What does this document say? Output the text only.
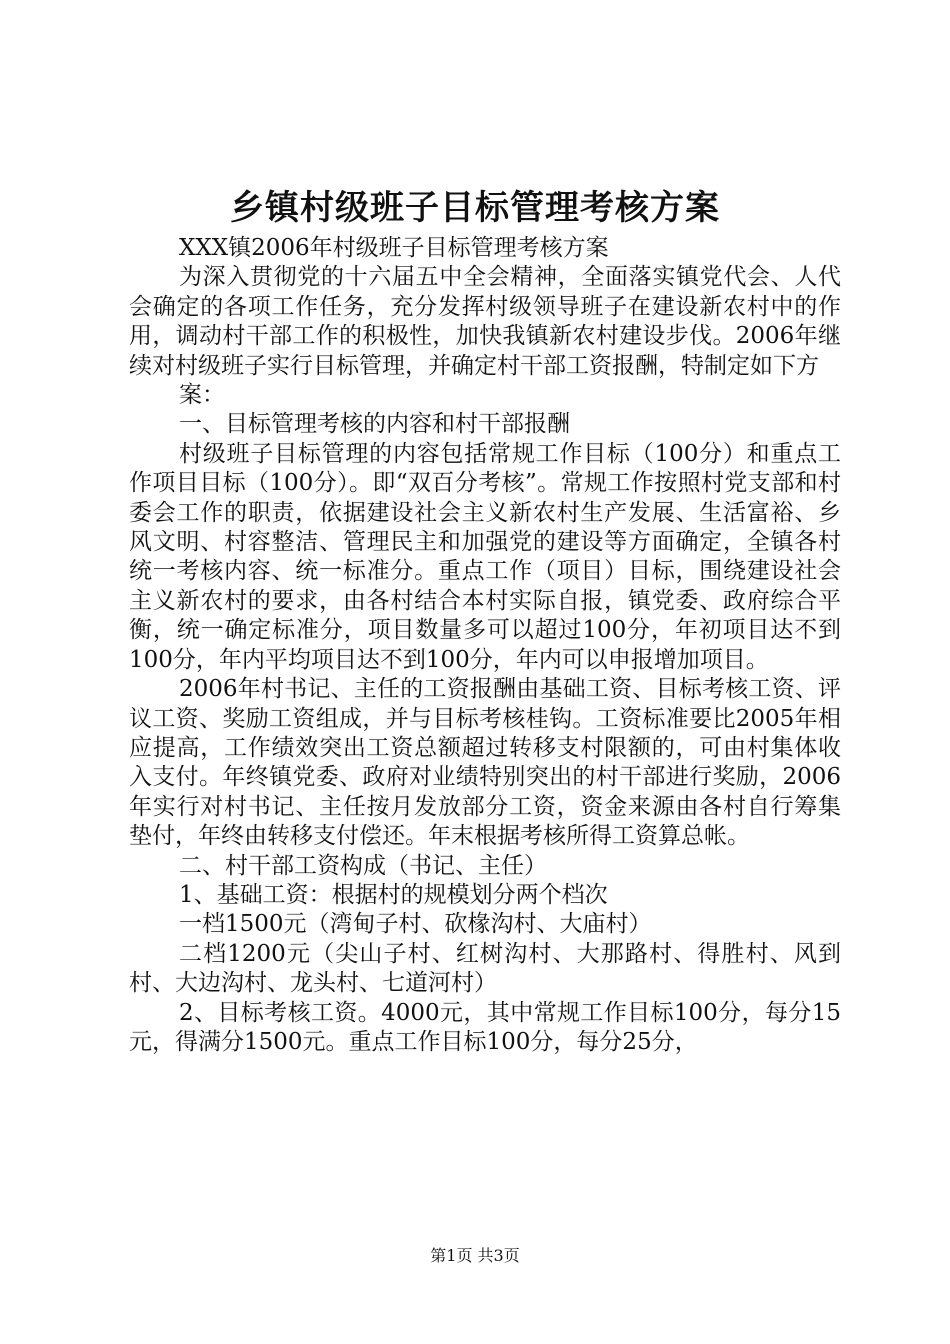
乡镇村级班子目标管理考核方案

XXX镇2006年村级班子目标管理考核方案

为深入贯彻党的十六届五中全会精神，全面落实镇党代会、人代会确定的各项工作任务，充分发挥村级领导班子在建设新农村中的作用，调动村干部工作的积极性，加快我镇新农村建设步伐。2006年继续对村级班子实行目标管理，并确定村干部工资报酬，特制定如下方

案：

一、目标管理考核的内容和村干部报酬

村级班子目标管理的内容包括常规工作目标（100分）和重点工作项目目标（100分）。即“双百分考核”。常规工作按照村党支部和村委会工作的职责，依据建设社会主义新农村生产发展、生活富裕、乡风文明、村容整洁、管理民主和加强党的建设等方面确定，全镇各村统一考核内容、统一标准分。重点工作（项目）目标，围绕建设社会主义新农村的要求，由各村结合本村实际自报，镇党委、政府综合平衡，统一确定标准分，项目数量多可以超过100分，年初项目达不到100分，年内平均项目达不到100分，年内可以申报增加项目。

2006年村书记、主任的工资报酬由基础工资、目标考核工资、评议工资、奖励工资组成，并与目标考核桂钩。工资标准要比2005年相应提高，工作绩效突出工资总额超过转移支村限额的，可由村集体收入支付。年终镇党委、政府对业绩特别突出的村干部进行奖励，2006年实行对村书记、主任按月发放部分工资，资金来源由各村自行筹集垫付，年终由转移支付偿还。年末根据考核所得工资算总帐。

二、村干部工资构成（书记、主任）

1、基础工资：根据村的规模划分两个档次

一档1500元（湾甸子村、砍椽沟村、大庙村）

二档1200元（尖山子村、红树沟村、大那路村、得胜村、风到村、大边沟村、龙头村、七道河村）

2、目标考核工资。4000元，其中常规工作目标100分，每分15元，得满分1500元。重点工作目标100分，每分25分，

第1页 共3页
